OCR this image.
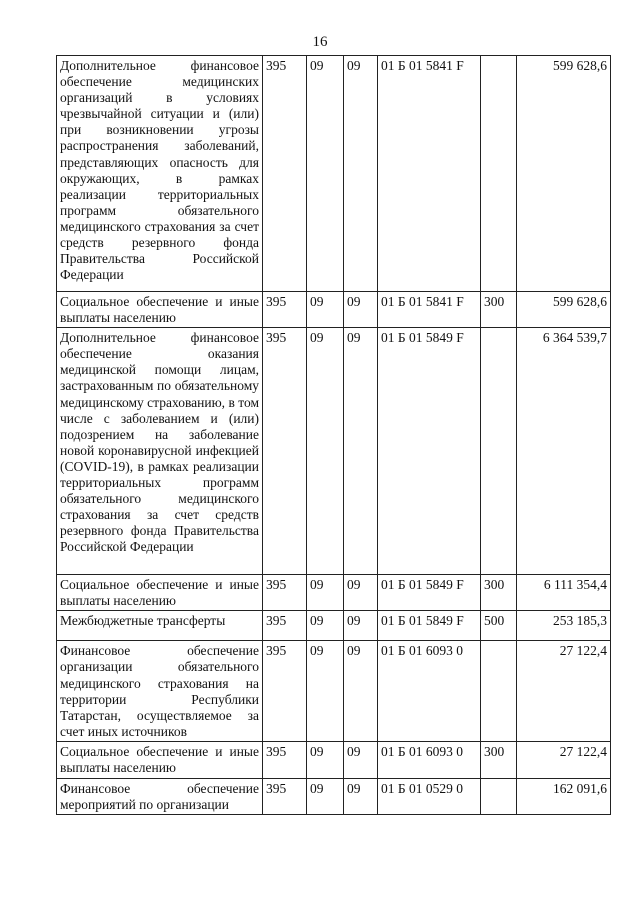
16
Дополнительное финансовое обеспечение медицинских организаций в условиях чрезвычайной ситуации и (или) при возникновении угрозы распространения заболеваний, представляющих опасность для окружающих, в рамках реализации территориальных программ обязательного медицинского страхования за счет средств резервного фонда Правительства Российской Федерации	395	09	09	01 Б 01 5841 F		599 628,6
Социальное обеспечение и иные выплаты населению	395	09	09	01 Б 01 5841 F	300	599 628,6
Дополнительное финансовое обеспечение оказания медицинской помощи лицам, застрахованным по обязательному медицинскому страхованию, в том числе с заболеванием и (или) подозрением на заболевание новой коронавирусной инфекцией (COVID-19), в рамках реализации территориальных программ обязательного медицинского страхования за счет средств резервного фонда Правительства Российской Федерации	395	09	09	01 Б 01 5849 F		6 364 539,7
Социальное обеспечение и иные выплаты населению	395	09	09	01 Б 01 5849 F	300	6 111 354,4
Межбюджетные трансферты	395	09	09	01 Б 01 5849 F	500	253 185,3
Финансовое обеспечение организации обязательного медицинского страхования на территории Республики Татарстан, осуществляемое за счет иных источников	395	09	09	01 Б 01 6093 0		27 122,4
Социальное обеспечение и иные выплаты населению	395	09	09	01 Б 01 6093 0	300	27 122,4
Финансовое обеспечение мероприятий по организации	395	09	09	01 Б 01 0529 0		162 091,6
